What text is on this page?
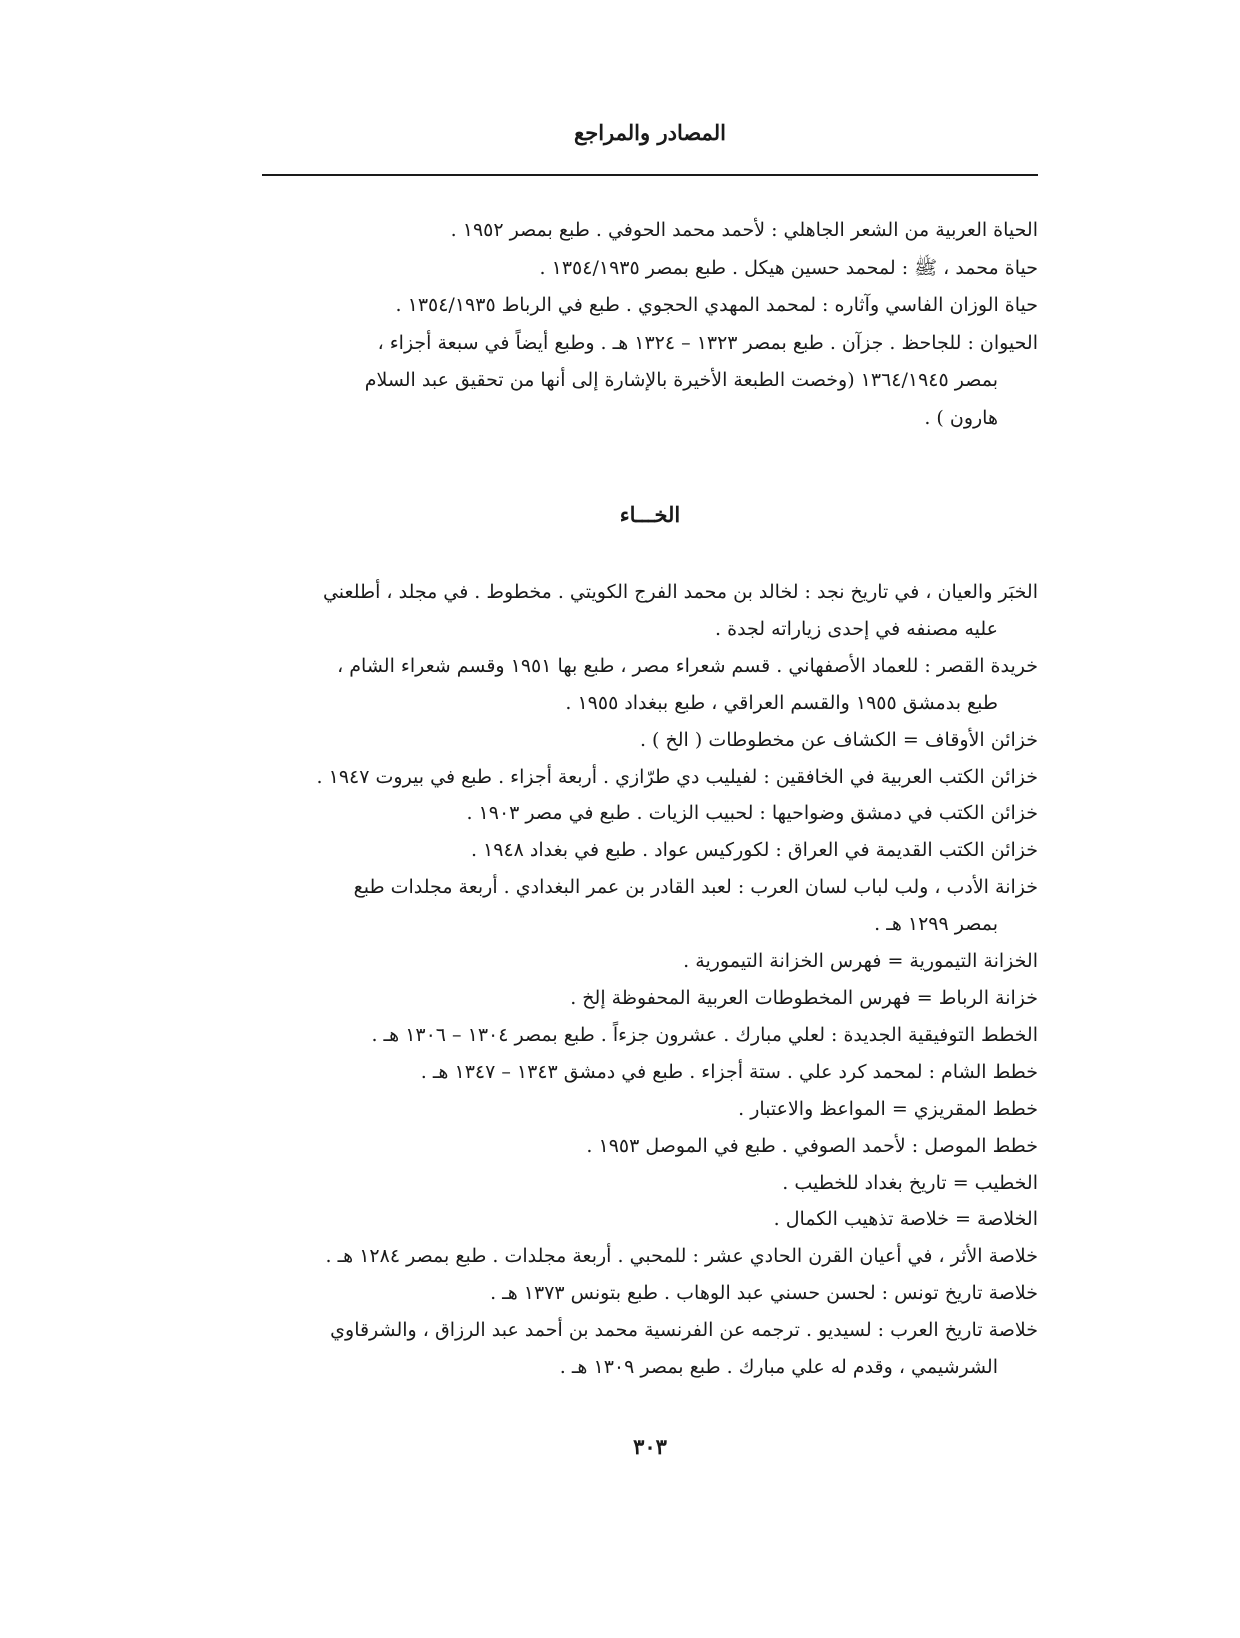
المصادر والمراجع

الحياة العربية من الشعر الجاهلي : لأحمد محمد الحوفي . طبع بمصر ١٩٥٢ .

حياة محمد ، ﷺ : لمحمد حسين هيكل . طبع بمصر ١٣٥٤/١٩٣٥ .

حياة الوزان الفاسي وآثاره : لمحمد المهدي الحجوي . طبع في الرباط ١٣٥٤/١٩٣٥ .

الحيوان : للجاحظ . جزآن . طبع بمصر ١٣٢٣ – ١٣٢٤ هـ . وطبع أيضاً في سبعة أجزاء ،

بمصر ١٣٦٤/١٩٤٥ (وخصت الطبعة الأخيرة بالإشارة إلى أنها من تحقيق عبد السلام

هارون ) .

الخـــاء

الخبَر والعيان ، في تاريخ نجد : لخالد بن محمد الفرج الكويتي . مخطوط . في مجلد ، أطلعني

عليه مصنفه في إحدى زياراته لجدة .

خريدة القصر : للعماد الأصفهاني . قسم شعراء مصر ، طبع بها ١٩٥١ وقسم شعراء الشام ،

طبع بدمشق ١٩٥٥ والقسم العراقي ، طبع ببغداد ١٩٥٥ .

خزائن الأوقاف = الكشاف عن مخطوطات ( الخ ) .

خزائن الكتب العربية في الخافقين : لفيليب دي طرّازي . أربعة أجزاء . طبع في بيروت ١٩٤٧ .

خزائن الكتب في دمشق وضواحيها : لحبيب الزيات . طبع في مصر ١٩٠٣ .

خزائن الكتب القديمة في العراق : لكوركيس عواد . طبع في بغداد ١٩٤٨ .

خزانة الأدب ، ولب لباب لسان العرب : لعبد القادر بن عمر البغدادي . أربعة مجلدات طبع

بمصر ١٢٩٩ هـ .

الخزانة التيمورية = فهرس الخزانة التيمورية .

خزانة الرباط = فهرس المخطوطات العربية المحفوظة إلخ .

الخطط التوفيقية الجديدة : لعلي مبارك . عشرون جزءاً . طبع بمصر ١٣٠٤ – ١٣٠٦ هـ .

خطط الشام : لمحمد كرد علي . ستة أجزاء . طبع في دمشق ١٣٤٣ – ١٣٤٧ هـ .

خطط المقريزي = المواعظ والاعتبار .

خطط الموصل : لأحمد الصوفي . طبع في الموصل ١٩٥٣ .

الخطيب = تاريخ بغداد للخطيب .

الخلاصة = خلاصة تذهيب الكمال .

خلاصة الأثر ، في أعيان القرن الحادي عشر : للمحبي . أربعة مجلدات . طبع بمصر ١٢٨٤ هـ .

خلاصة تاريخ تونس : لحسن حسني عبد الوهاب . طبع بتونس ١٣٧٣ هـ .

خلاصة تاريخ العرب : لسيديو . ترجمه عن الفرنسية محمد بن أحمد عبد الرزاق ، والشرقاوي

الشرشيمي ، وقدم له علي مبارك . طبع بمصر ١٣٠٩ هـ .

٣٠٣
